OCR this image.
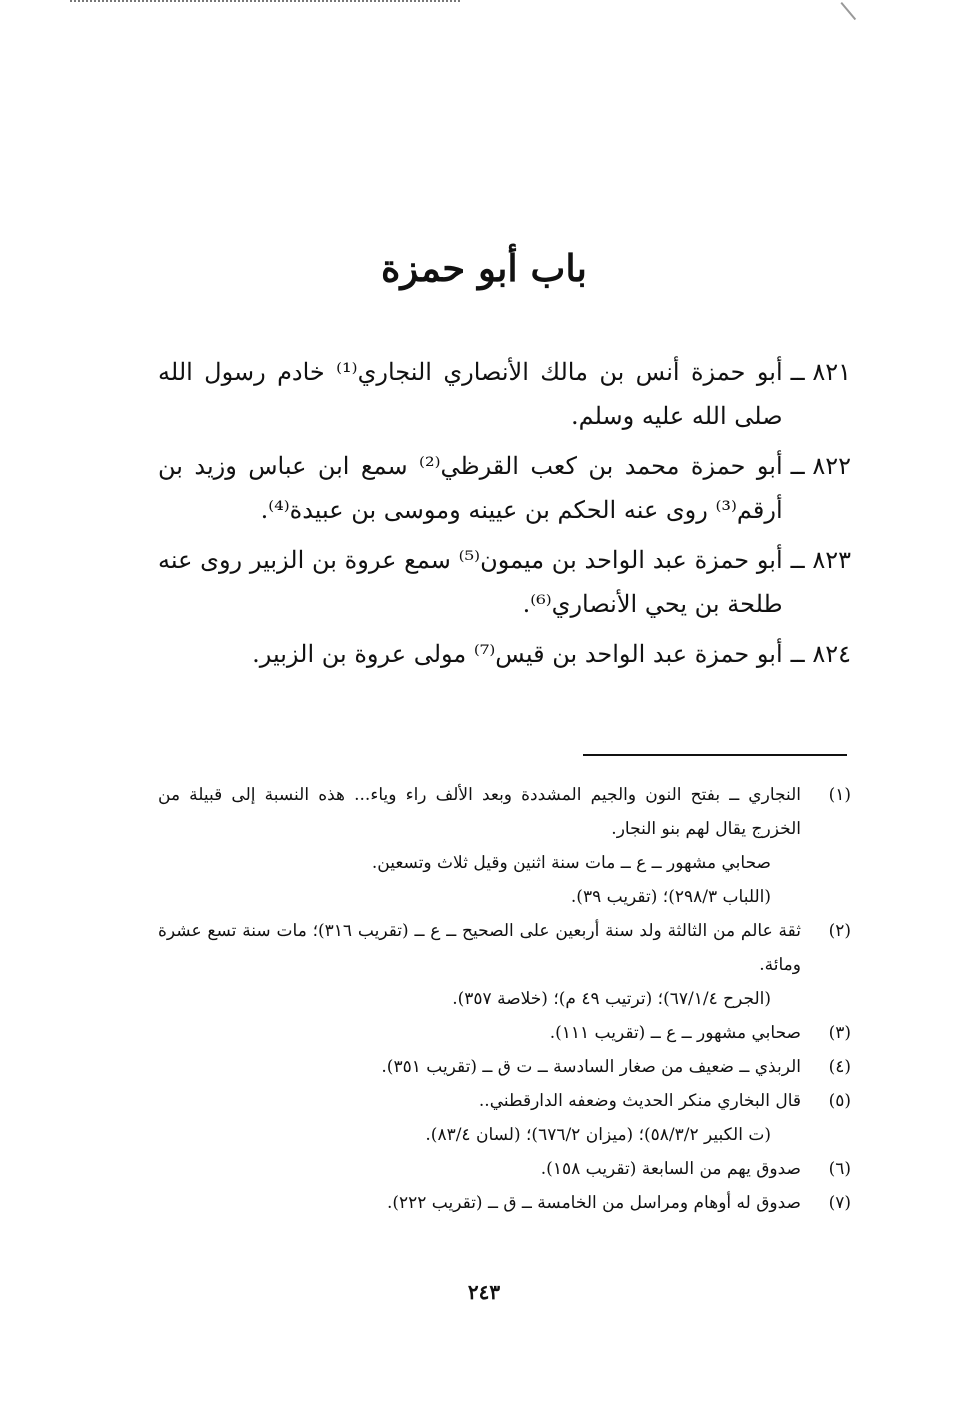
باب أبو حمزة
٨٢١ ــ
أبو حمزة أنس بن مالك الأنصاري النجاري⁽¹⁾ خادم رسول الله صلى الله عليه وسلم.
٨٢٢ ــ
أبو حمزة محمد بن كعب القرظي⁽²⁾ سمع ابن عباس وزيد بن أرقم⁽³⁾ روى عنه الحكم بن عيينه وموسى بن عبيدة⁽⁴⁾.
٨٢٣ ــ
أبو حمزة عبد الواحد بن ميمون⁽⁵⁾ سمع عروة بن الزبير روى عنه طلحة بن يحي الأنصاري⁽⁶⁾.
٨٢٤ ــ
أبو حمزة عبد الواحد بن قيس⁽⁷⁾ مولى عروة بن الزبير.
(١)
النجاري ــ بفتح النون والجيم المشددة وبعد الألف راء وياء... هذه النسبة إلى قبيلة من الخزرج يقال لهم بنو النجار.
صحابي مشهور ــ ع ــ مات سنة اثنين وقيل ثلاث وتسعين.
(اللباب ٢٩٨/٣)؛ (تقريب ٣٩).
(٢)
ثقة عالم من الثالثة ولد سنة أربعين على الصحيح ــ ع ــ (تقريب ٣١٦)؛ مات سنة تسع عشرة ومائة.
(الجرح ٦٧/١/٤)؛ (ترتيب ٤٩ م)؛ (خلاصة ٣٥٧).
(٣)
صحابي مشهور ــ ع ــ (تقريب ١١١).
(٤)
الربذي ــ ضعيف من صغار السادسة ــ ت ق ــ (تقريب ٣٥١).
(٥)
قال البخاري منكر الحديث وضعفه الدارقطني..
(ت الكبير ٥٨/٣/٢)؛ (ميزان ٦٧٦/٢)؛ (لسان ٨٣/٤).
(٦)
صدوق يهم من السابعة (تقريب ١٥٨).
(٧)
صدوق له أوهام ومراسل من الخامسة ــ ق ــ (تقريب ٢٢٢).
٢٤٣
